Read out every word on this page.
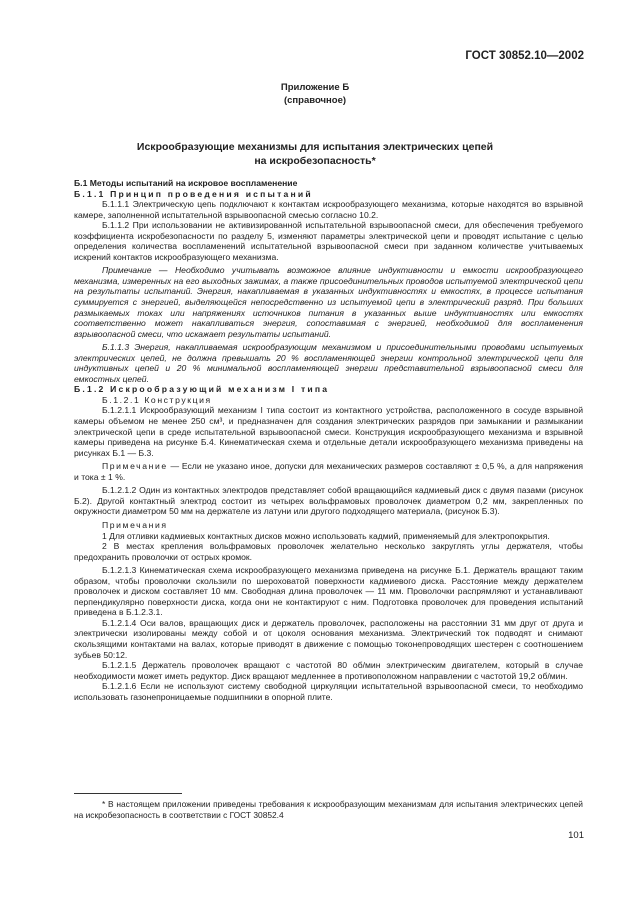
ГОСТ 30852.10—2002
Приложение Б
(справочное)
Искрообразующие механизмы для испытания электрических цепей
на искробезопасность*

Б.1 Методы испытаний на искровое воспламенение

Б.1.1 Принцип проведения испытаний

Б.1.1.1 Электрическую цепь подключают к контактам искрообразующего механизма, которые находятся во взрывной камере, заполненной испытательной взрывоопасной смесью согласно 10.2.

Б.1.1.2 При использовании не активизированной испытательной взрывоопасной смеси, для обеспечения требуемого коэффициента искробезопасности по разделу 5, изменяют параметры электрической цепи и проводят испытание с целью определения количества воспламенений испытательной взрывоопасной смеси при заданном количестве учитываемых искрений контактов искрообразующего механизма.

Примечание — Необходимо учитывать возможное влияние индуктивности и емкости искрообразующего механизма, измеренных на его выходных зажимах, а также присоединительных проводов испытуемой электрической цепи на результаты испытаний. Энергия, накапливаемая в указанных индуктивностях и емкостях, в процессе испытания суммируется с энергией, выделяющейся непосредственно из испытуемой цепи в электрический разряд. При больших размыкаемых токах или напряжениях источников питания в указанных выше индуктивностях или емкостях соответственно может накапливаться энергия, сопоставимая с энергией, необходимой для воспламенения взрывоопасной смеси, что искажает результаты испытаний.

Б.1.1.3 Энергия, накапливаемая искрообразующим механизмом и присоединительными проводами испытуемых электрических цепей, не должна превышать 20 % воспламеняющей энергии контрольной электрической цепи для индуктивных цепей и 20 % минимальной воспламеняющей энергии представительной взрывоопасной смеси для емкостных цепей.

Б.1.2 Искрообразующий механизм I типа

Б.1.2.1 Конструкция

Б.1.2.1.1 Искрообразующий механизм I типа состоит из контактного устройства, расположенного в сосуде взрывной камеры объемом не менее 250 см³, и предназначен для создания электрических разрядов при замыкании и размыкании электрической цепи в среде испытательной взрывоопасной смеси. Конструкция искрообразующего механизма и взрывной камеры приведена на рисунке Б.4. Кинематическая схема и отдельные детали искрообразующего механизма приведены на рисунках Б.1 — Б.3.

Примечание — Если не указано иное, допуски для механических размеров составляют ± 0,5 %, а для напряжения и тока ± 1 %.

Б.1.2.1.2 Один из контактных электродов представляет собой вращающийся кадмиевый диск с двумя пазами (рисунок Б.2). Другой контактный электрод состоит из четырех вольфрамовых проволочек диаметром 0,2 мм, закрепленных по окружности диаметром 50 мм на держателе из латуни или другого подходящего материала, (рисунок Б.3).

Примечания

1 Для отливки кадмиевых контактных дисков можно использовать кадмий, применяемый для электропокрытия.

2 В местах крепления вольфрамовых проволочек желательно несколько закруглять углы держателя, чтобы предохранить проволочки от острых кромок.

Б.1.2.1.3 Кинематическая схема искрообразующего механизма приведена на рисунке Б.1. Держатель вращают таким образом, чтобы проволочки скользили по шероховатой поверхности кадмиевого диска. Расстояние между держателем проволочек и диском составляет 10 мм. Свободная длина проволочек — 11 мм. Проволочки распрямляют и устанавливают перпендикулярно поверхности диска, когда они не контактируют с ним. Подготовка проволочек для проведения испытаний приведена в Б.1.2.3.1.

Б.1.2.1.4 Оси валов, вращающих диск и держатель проволочек, расположены на расстоянии 31 мм друг от друга и электрически изолированы между собой и от цоколя основания механизма. Электрический ток подводят и снимают скользящими контактами на валах, которые приводят в движение с помощью токонепроводящих шестерен с соотношением зубьев 50:12.

Б.1.2.1.5 Держатель проволочек вращают с частотой 80 об/мин электрическим двигателем, который в случае необходимости может иметь редуктор. Диск вращают медленнее в противоположном направлении с частотой 19,2 об/мин.

Б.1.2.1.6 Если не используют систему свободной циркуляции испытательной взрывоопасной смеси, то необходимо использовать газонепроницаемые подшипники в опорной плите.

* В настоящем приложении приведены требования к искрообразующим механизмам для испытания электрических цепей на искробезопасность в соответствии с ГОСТ 30852.4
101
